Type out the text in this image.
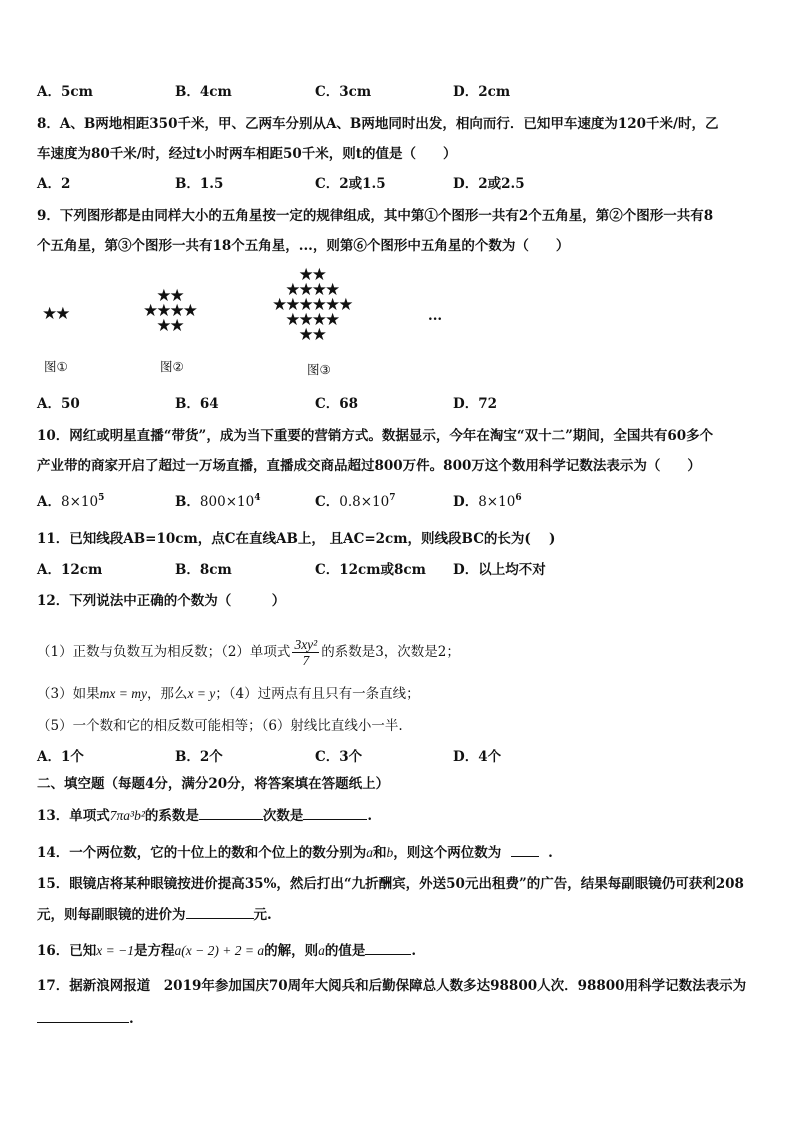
A．5cm	B．4cm	C．3cm	D．2cm
8．A、B两地相距350千米，甲、乙两车分别从A、B两地同时出发，相向而行．已知甲车速度为120千米/时，乙
车速度为80千米/时，经过t小时两车相距50千米，则t的值是（　　）
A．2	B．1.5	C．2或1.5	D．2或2.5
9．下列图形都是由同样大小的五角星按一定的规律组成，其中第①个图形一共有2个五角星，第②个图形一共有8
个五角星，第③个图形一共有18个五角星，...，则第⑥个图形中五角星的个数为（　　）
★★
图①
★★
★★★★
★★
图②
★★
★★★★
★★★★★★
★★★★
★★
图③
...
A．50	B．64	C．68	D．72
10．网红或明星直播“带货”，成为当下重要的营销方式。数据显示，今年在淘宝“双十二”期间，全国共有60多个
产业带的商家开启了超过一万场直播，直播成交商品超过800万件。800万这个数用科学记数法表示为（　　）
A．$8\times 10^5$	B．$800\times 10^4$	C．$0.8\times 10^7$	D．$8\times 10^6$
11．已知线段AB=10cm，点C在直线AB上， 且AC=2cm，则线段BC的长为(　 )
A．12cm	B．8cm	C．12cm或8cm D．以上均不对
12．下列说法中正确的个数为（　　　）
（1）正数与负数互为相反数；（2）单项式 $\frac{\text{3xy²}}{7}$ 的系数是3，次数是2；
（3）如果mx = my，那么x = y；（4）过两点有且只有一条直线；
（5）一个数和它的相反数可能相等；（6）射线比直线小一半.
A．1个	B．2个	C．3个	D．4个
二、填空题（每题4分，满分20分，将答案填在答题纸上）
13．单项式7πa³b²的系数是	次数是	.
14．一个两位数，它的十位上的数和个位上的数分别为a和b，则这个两位数为	.
15．眼镜店将某种眼镜按进价提高35%，然后打出“九折酬宾，外送50元出租费”的广告，结果每副眼镜仍可获利208
元，则每副眼镜的进价为	元.
16．已知x = −1是方程a(x − 2) + 2 = a的解，则a的值是	.
17．据新浪网报道　2019年参加国庆70周年大阅兵和后勤保障总人数多达98800人次．98800用科学记数法表示为
.
